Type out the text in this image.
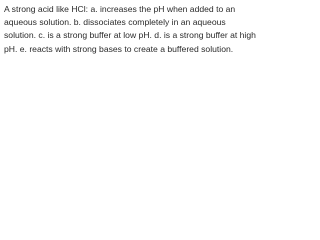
A strong acid like HCl: a. increases the pH when added to an aqueous solution. b. dissociates completely in an aqueous solution. c. is a strong buffer at low pH. d. is a strong buffer at high pH. e. reacts with strong bases to create a buffered solution.
